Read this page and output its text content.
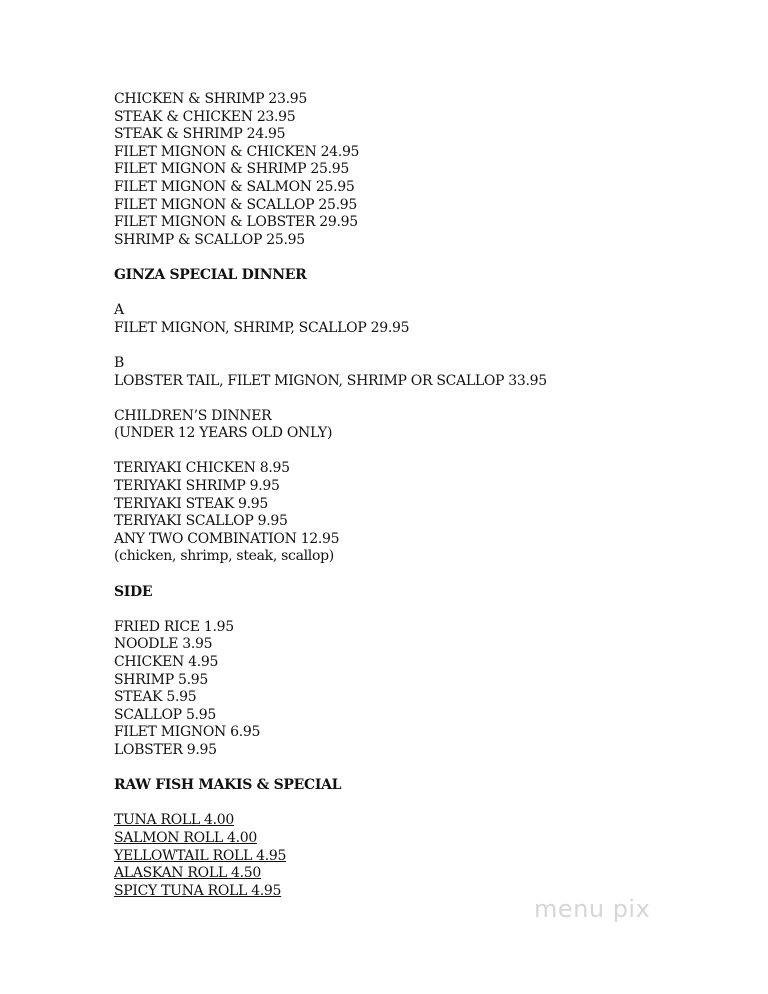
CHICKEN & SHRIMP 23.95
STEAK & CHICKEN 23.95
STEAK & SHRIMP 24.95
FILET MIGNON & CHICKEN 24.95
FILET MIGNON & SHRIMP 25.95
FILET MIGNON & SALMON 25.95
FILET MIGNON & SCALLOP 25.95
FILET MIGNON & LOBSTER 29.95
SHRIMP & SCALLOP 25.95
GINZA SPECIAL DINNER
A
FILET MIGNON, SHRIMP, SCALLOP 29.95
B
LOBSTER TAIL, FILET MIGNON, SHRIMP OR SCALLOP 33.95
CHILDREN’S DINNER
(UNDER 12 YEARS OLD ONLY)
TERIYAKI CHICKEN 8.95
TERIYAKI SHRIMP 9.95
TERIYAKI STEAK 9.95
TERIYAKI SCALLOP 9.95
ANY TWO COMBINATION 12.95
(chicken, shrimp, steak, scallop)
SIDE
FRIED RICE 1.95
NOODLE 3.95
CHICKEN 4.95
SHRIMP 5.95
STEAK 5.95
SCALLOP 5.95
FILET MIGNON 6.95
LOBSTER 9.95
RAW FISH MAKIS & SPECIAL
TUNA ROLL 4.00
SALMON ROLL 4.00
YELLOWTAIL ROLL 4.95
ALASKAN ROLL 4.50
SPICY TUNA ROLL 4.95
menu pix
